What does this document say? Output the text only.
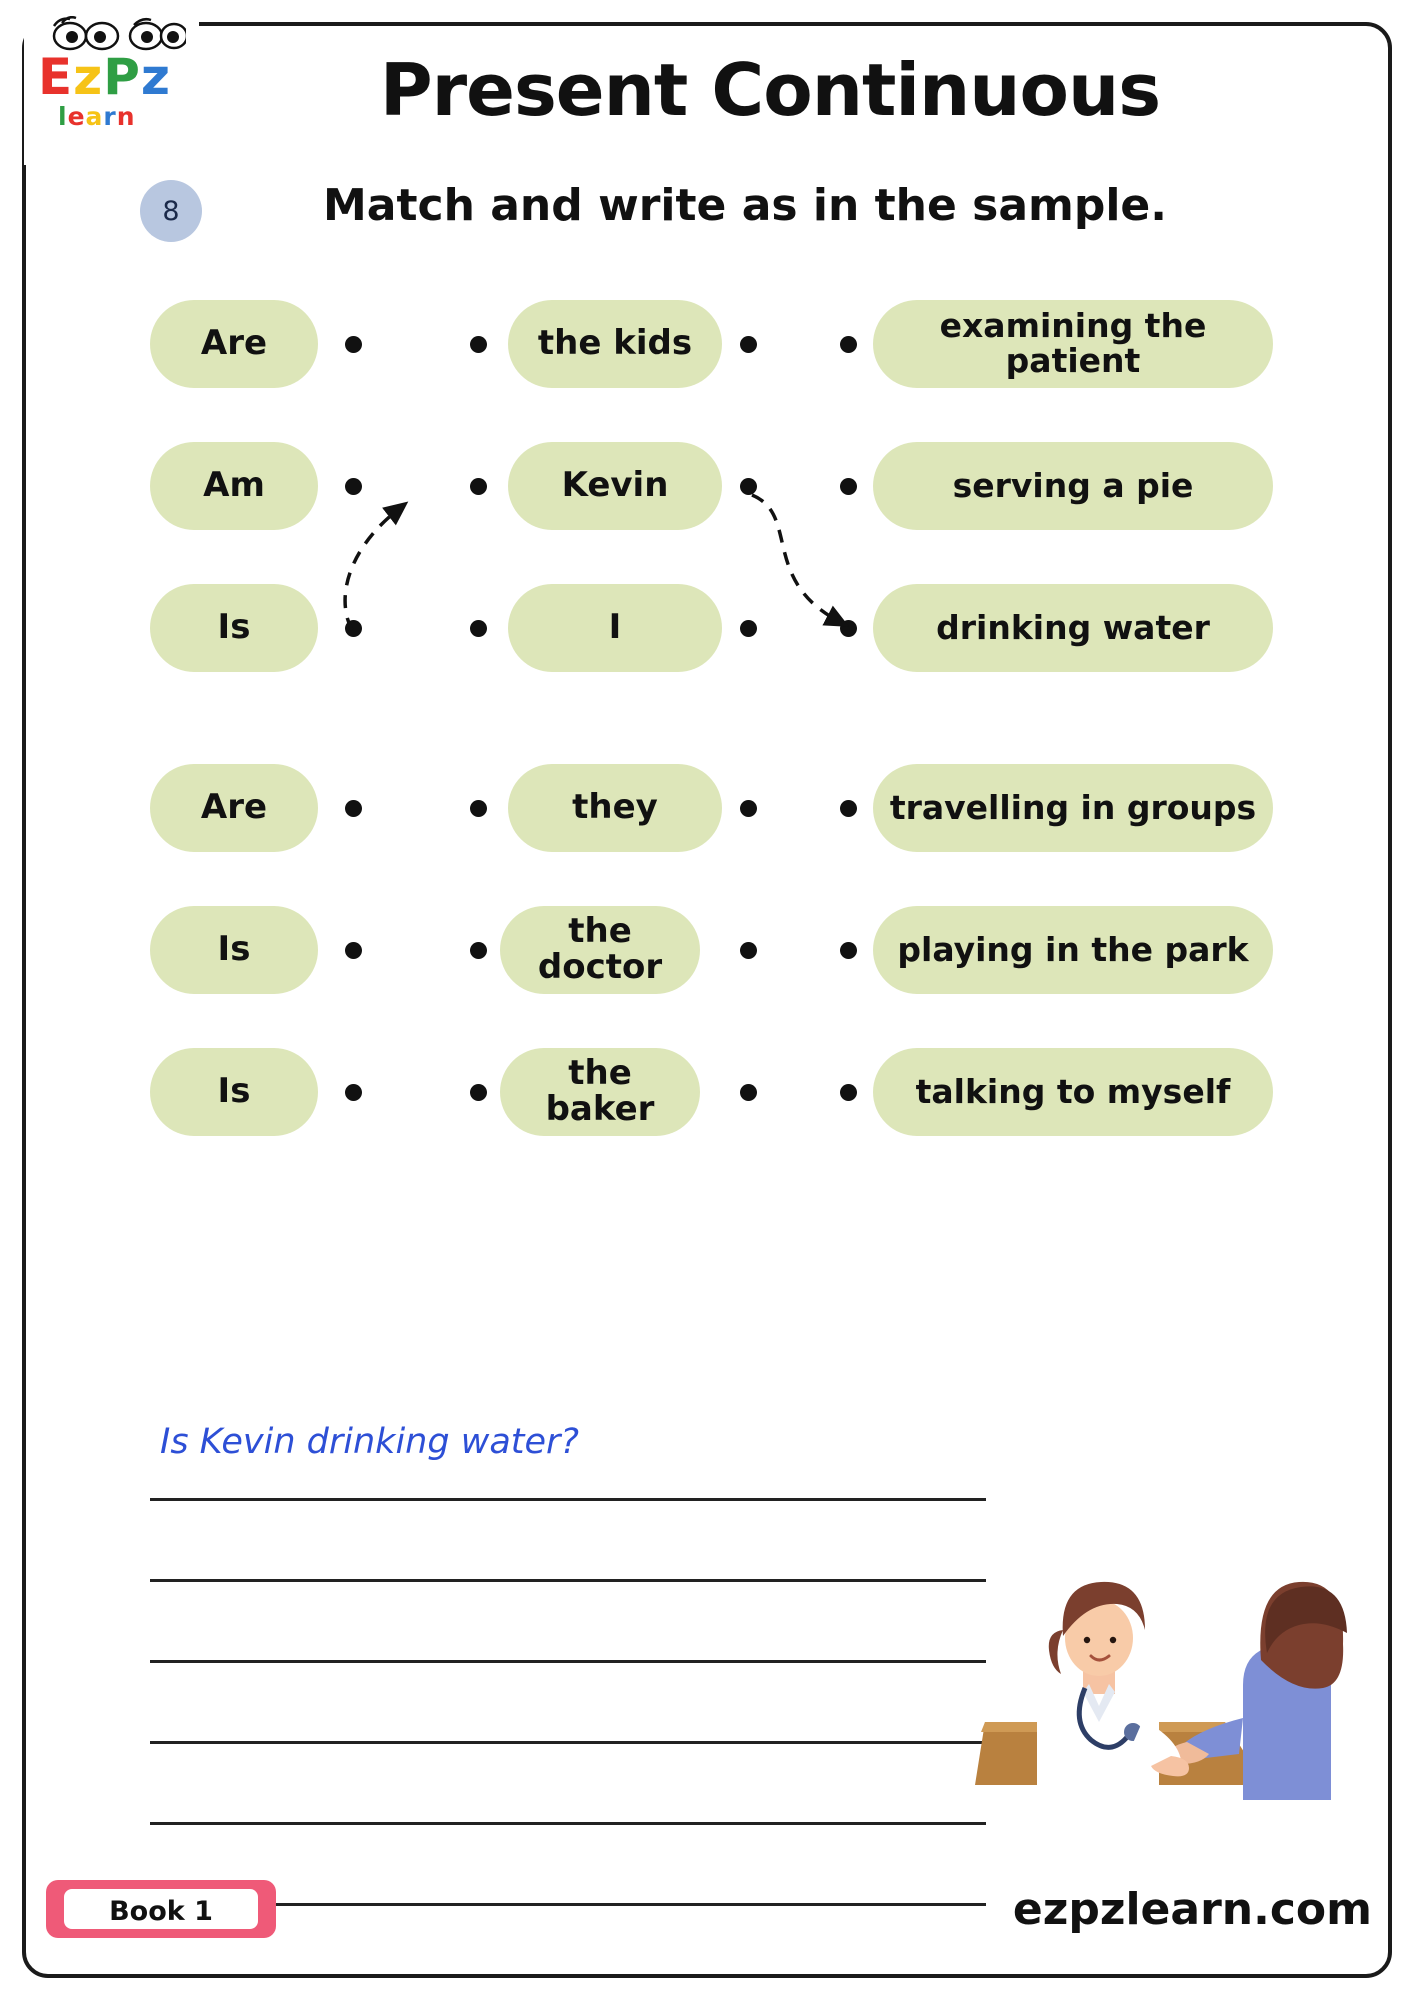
EzPz
learn	Present Continuous
8	Match and write as in the sample.
Are	the kids	examining the patient
Am	Kevin	serving a pie
Is	I	drinking water
Are	they	travelling in groups
Is	the doctor	playing in the park
Is	the baker	talking to myself
Is Kevin drinking water?
Book 1	ezpzlearn.com
